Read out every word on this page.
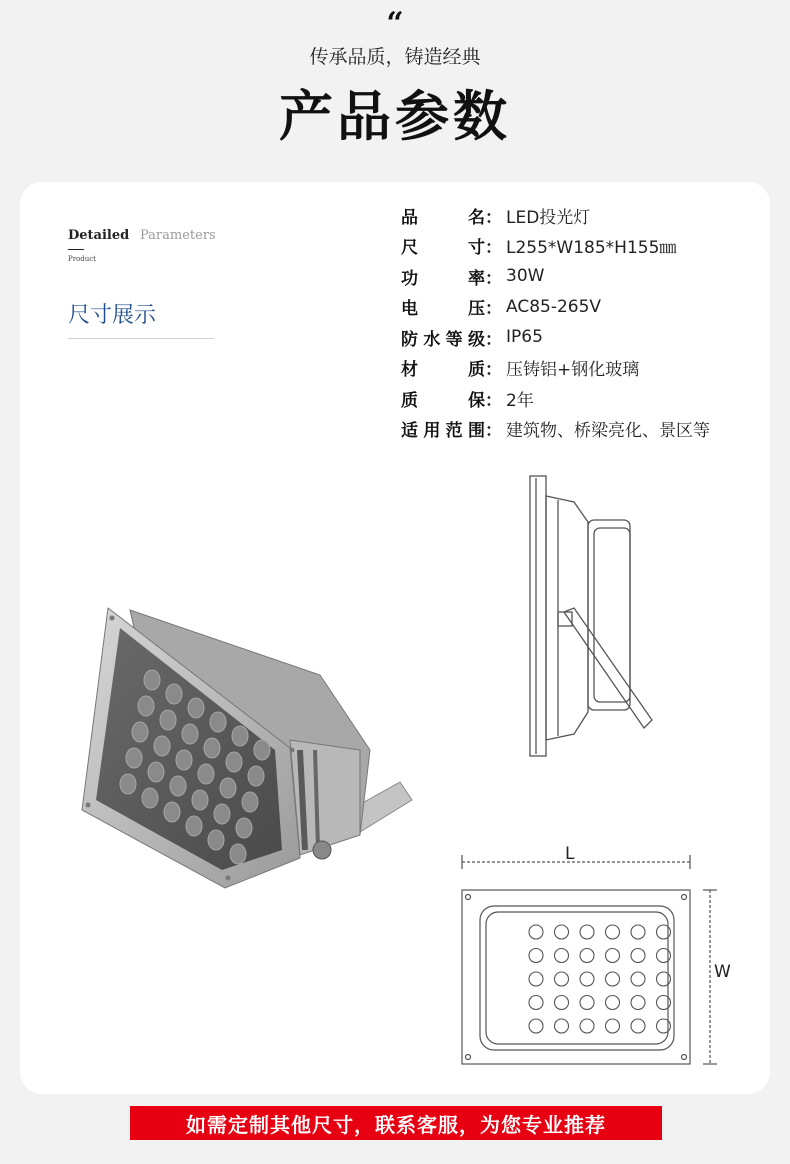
“
传承品质，铸造经典
产品参数
Detailed Parameters
Product
尺寸展示
品	名 ： LED投光灯
尺	寸 ： L255*W185*H155㎜
功	率 ： 30W
电	压 ： AC85-265V
防 水 等 级 ： IP65
材	质 ： 压铸铝+钢化玻璃
质	保 ： 2年
适 用 范 围 ： 建筑物、桥梁亮化、景区等
L
W
如需定制其他尺寸，联系客服，为您专业推荐
